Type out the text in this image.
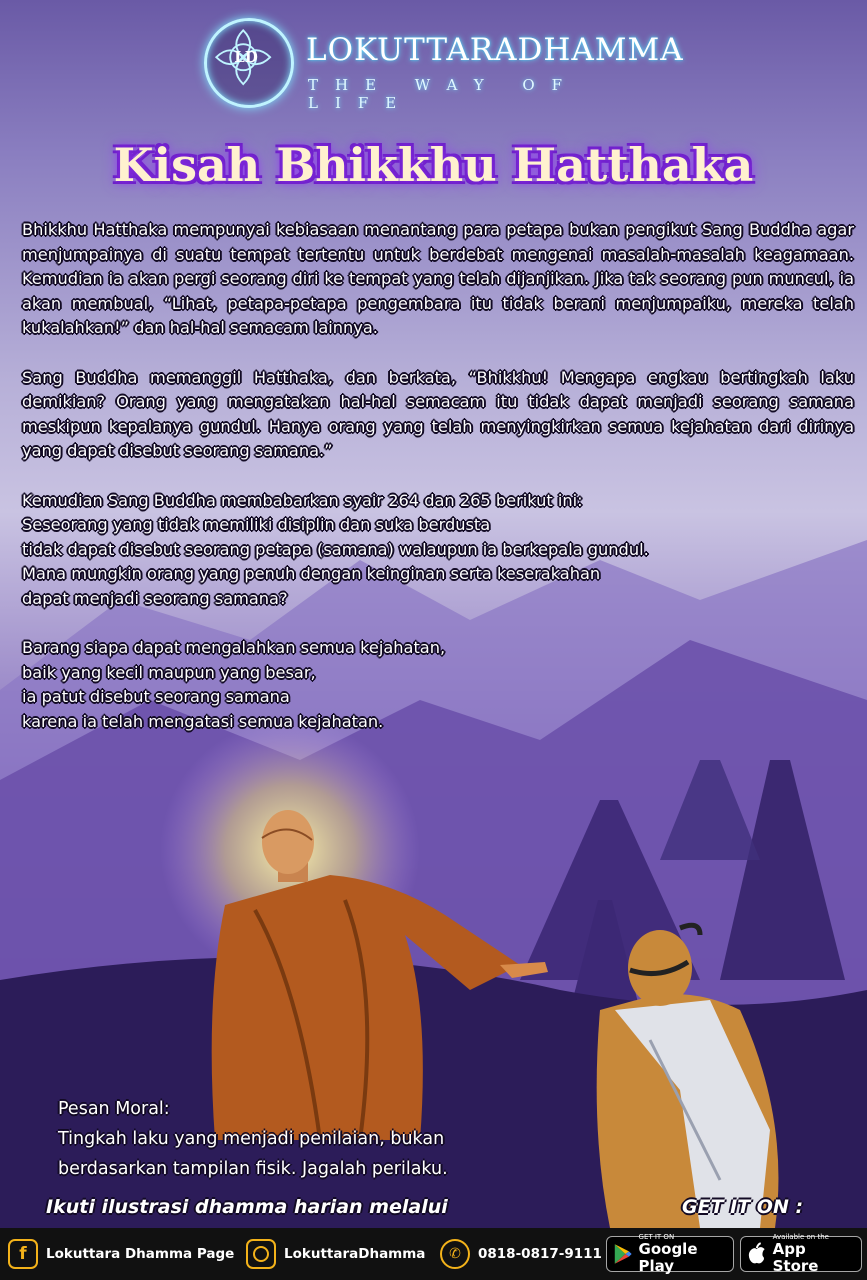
LD	LOKUTTARADHAMMA
THE WAY OF LIFE
Kisah Bhikkhu Hatthaka

Bhikkhu Hatthaka mempunyai kebiasaan menantang para petapa bukan pengikut Sang Buddha agar menjumpainya di suatu tempat tertentu untuk berdebat mengenai masalah-masalah keagamaan. Kemudian ia akan pergi seorang diri ke tempat yang telah dijanjikan. Jika tak seorang pun muncul, ia akan membual, “Lihat, petapa-petapa pengembara itu tidak berani menjumpaiku, mereka telah kukalahkan!” dan hal-hal semacam lainnya.

Sang Buddha memanggil Hatthaka, dan berkata, “Bhikkhu! Mengapa engkau bertingkah laku demikian? Orang yang mengatakan hal-hal semacam itu tidak dapat menjadi seorang samana meskipun kepalanya gundul. Hanya orang yang telah menyingkirkan semua kejahatan dari dirinya yang dapat disebut seorang samana.”

Kemudian Sang Buddha membabarkan syair 264 dan 265 berikut ini:

Seseorang yang tidak memiliki disiplin dan suka berdusta

tidak dapat disebut seorang petapa (samana) walaupun ia berkepala gundul.

Mana mungkin orang yang penuh dengan keinginan serta keserakahan

dapat menjadi seorang samana?

Barang siapa dapat mengalahkan semua kejahatan,

baik yang kecil maupun yang besar,

ia patut disebut seorang samana

karena ia telah mengatasi semua kejahatan.

Pesan Moral:
Tingkah laku yang menjadi penilaian, bukan
berdasarkan tampilan fisik. Jagalah perilaku.
Ikuti ilustrasi dhamma harian melalui	GET IT ON :
f	Lokuttara Dhamma Page	LokuttaraDhamma	✆	0818-0817-9111
GET IT ON
Google Play
Available on the
App Store
